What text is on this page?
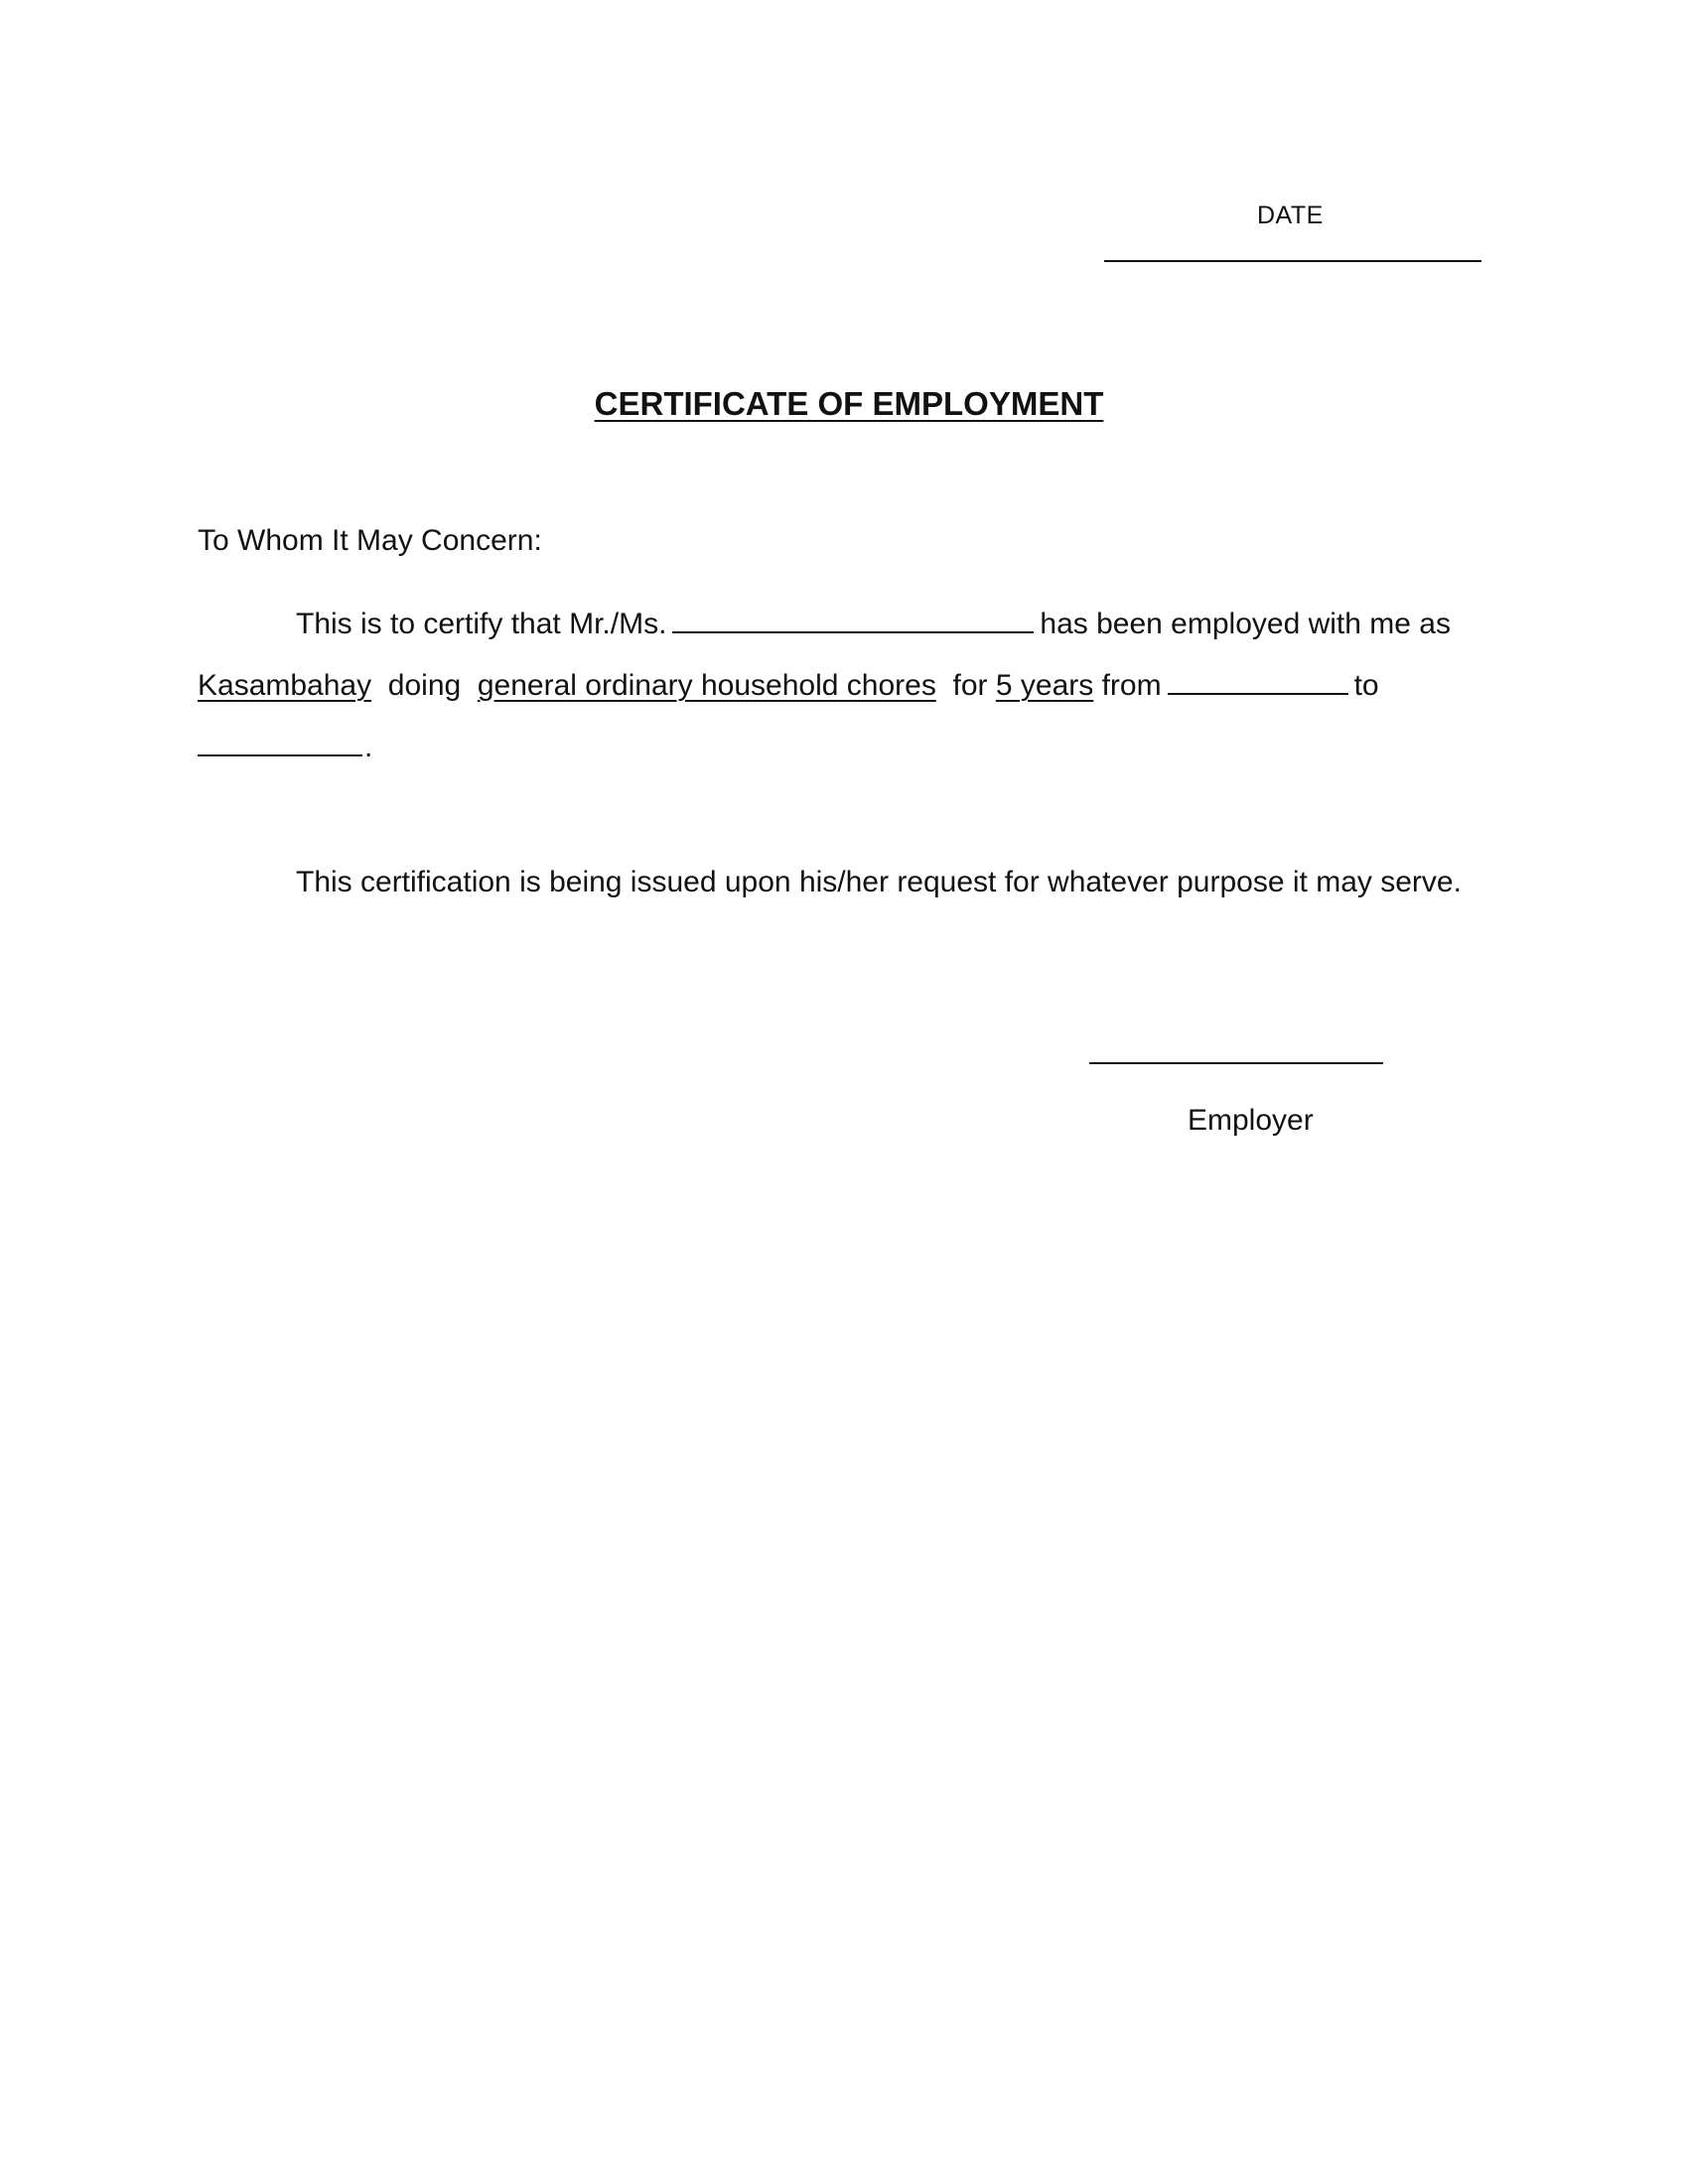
DATE
CERTIFICATE OF EMPLOYMENT
To Whom It May Concern:
This is to certify that Mr./Ms.	has been employed with me as
Kasambahay doing general ordinary household chores for 5 years from	to
.
This certification is being issued upon his/her request for whatever purpose it may serve.
Employer
